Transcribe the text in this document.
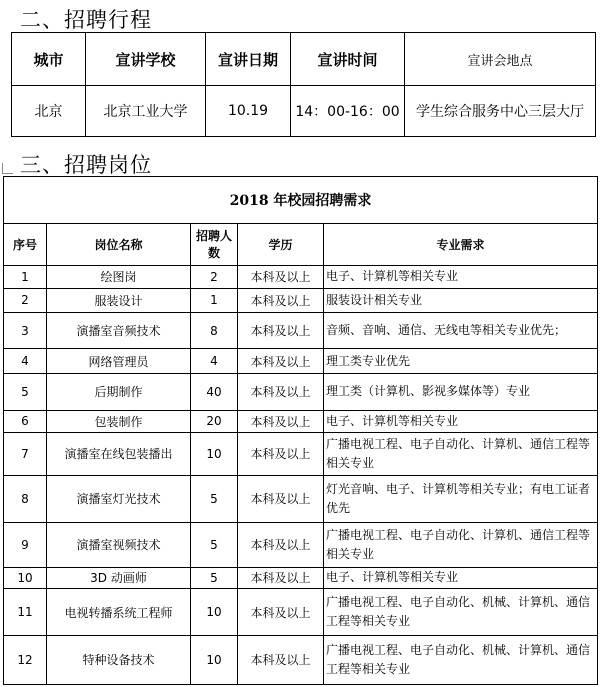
二、招聘行程
城市	宣讲学校	宣讲日期	宣讲时间	宣讲会地点
北京	北京工业大学	10.19	14：00-16：00	学生综合服务中心三层大厅
三、招聘岗位
2018 年校园招聘需求				
序号	岗位名称	招聘人数	学历	专业需求
1	绘图岗	2	本科及以上	电子、计算机等相关专业
2	服装设计	1	本科及以上	服装设计相关专业
3	演播室音频技术	8	本科及以上	音频、音响、通信、无线电等相关专业优先；
4	网络管理员	4	本科及以上	理工类专业优先
5	后期制作	40	本科及以上	理工类（计算机、影视多媒体等）专业
6	包装制作	20	本科及以上	电子、计算机等相关专业
7	演播室在线包装播出	10	本科及以上	广播电视工程、电子自动化、计算机、通信工程等相关专业
8	演播室灯光技术	5	本科及以上	灯光音响、电子、计算机等相关专业；有电工证者优先
9	演播室视频技术	5	本科及以上	广播电视工程、电子自动化、计算机、通信工程等相关专业
10	3D 动画师	5	本科及以上	电子、计算机等相关专业
11	电视转播系统工程师	10	本科及以上	广播电视工程、电子自动化、机械、计算机、通信工程等相关专业
12	特种设备技术	10	本科及以上	广播电视工程、电子自动化、机械、计算机、通信工程等相关专业
